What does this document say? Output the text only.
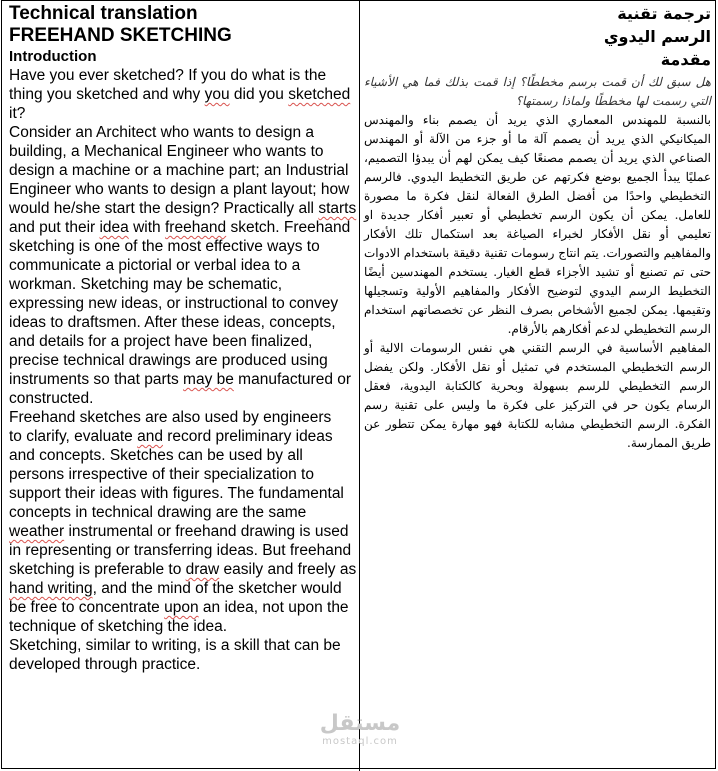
Technical translation
FREEHAND SKETCHING
Introduction
Have you ever sketched? If you do what is the thing you sketched and why you did you sketched it?
Consider an Architect who wants to design a building, a Mechanical Engineer who wants to design a machine or a machine part; an Industrial Engineer who wants to design a plant layout; how would he/she start the design? Practically all starts and put their idea with freehand sketch. Freehand sketching is one of the most effective ways to communicate a pictorial or verbal idea to a workman. Sketching may be schematic, expressing new ideas, or instructional to convey ideas to draftsmen. After these ideas, concepts, and details for a project have been finalized, precise technical drawings are produced using instruments so that parts may be manufactured or constructed.
Freehand sketches are also used by engineers
to clarify, evaluate and record preliminary ideas and concepts. Sketches can be used by all persons irrespective of their specialization to support their ideas with figures. The fundamental concepts in technical drawing are the same weather instrumental or freehand drawing is used in representing or transferring ideas. But freehand sketching is preferable to draw easily and freely as hand writing, and the mind of the sketcher would be free to concentrate upon an idea, not upon the technique of sketching the idea.
Sketching, similar to writing, is a skill that can be developed through practice.
ترجمة تقنية
الرسم اليدوي
مقدمة
هل سبق لك أن قمت برسم مخططًا؟ إذا قمت بذلك فما هي الأشياء التي رسمت لها مخططًا ولماذا رسمتها؟
بالنسبة للمهندس المعماري الذي يريد أن يصمم بناء والمهندس الميكانيكي الذي يريد أن يصمم آلة ما أو جزء من الآلة أو المهندس الصناعي الذي يريد أن يصمم مصنعًا كيف يمكن لهم أن يبدؤا التصميم، عمليًا يبدأ الجميع بوضع فكرتهم عن طريق التخطيط اليدوي. فالرسم التخطيطي واحدًا من أفضل الطرق الفعالة لنقل فكرة ما مصورة للعامل. يمكن أن يكون الرسم تخطيطي أو تعبير أفكار جديدة او تعليمي أو نقل الأفكار لخبراء الصياغة بعد استكمال تلك الأفكار والمفاهيم والتصورات. يتم انتاج رسومات تقنية دقيقة باستخدام الادوات حتى تم تصنيع أو تشيد الأجزاء قطع الغيار. يستخدم المهندسين أيضًا التخطيط الرسم اليدوي لتوضيح الأفكار والمفاهيم الأولية وتسجيلها وتقيمها. يمكن لجميع الأشخاص بصرف النظر عن تخصصاتهم استخدام الرسم التخطيطي لدعم أفكارهم بالأرقام.
المفاهيم الأساسية في الرسم التقني هي نفس الرسومات الالية أو الرسم التخطيطي المستخدم في تمثيل أو نقل الأفكار. ولكن يفضل الرسم التخطيطي للرسم بسهولة وبحرية كالكتابة اليدوية، فعقل الرسام يكون حر في التركيز على فكرة ما وليس على تقنية رسم الفكرة. الرسم التخطيطي مشابه للكتابة فهو مهارة يمكن تتطور عن طريق الممارسة.
مستقل
mostaql.com
